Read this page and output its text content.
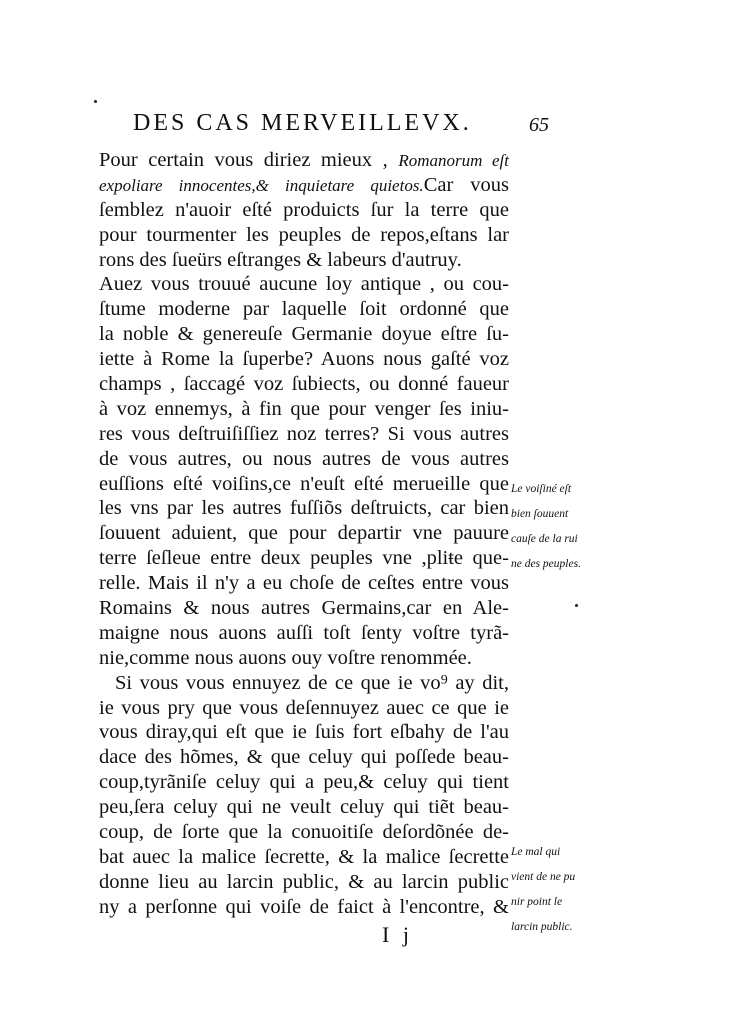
DES CAS MERVEILLEVX.	65
Pour certain vous diriez mieux , Romanorum eſt
expoliare innocentes,& inquietare quietos.Car vous
ſemblez n'auoir eſté produicts ſur la terre que
pour tourmenter les peuples de repos,eſtans lar
rons des ſueürs eſtranges & labeurs d'autruy.
Auez vous trouué aucune loy antique , ou cou-
ſtume moderne par laquelle ſoit ordonné que
la noble & genereuſe Germanie doyue eſtre ſu-
iette à Rome la ſuperbe? Auons nous gaſté voz
champs , ſaccagé voz ſubiects, ou donné faueur
à voz ennemys, à fin que pour venger ſes iniu-
res vous deſtruiſiſſiez noz terres? Si vous autres
de vous autres, ou nous autres de vous autres
euſſions eſté voiſins,ce n'euſt eſté merueille que
les vns par les autres fuſſiõs deſtruicts, car bien
ſouuent aduient, que pour departir vne pauure
terre ſeſleue entre deux peuples vne ,pliŧe que-
relle. Mais il n'y a eu choſe de ceſtes entre vous
Romains & nous autres Germains,car en Ale-
maigne nous auons auſſi toſt ſenty voſtre tyrã-
nie,comme nous auons ouy voſtre renommée.
Si vous vous ennuyez de ce que ie vo⁹ ay dit,
ie vous pry que vous deſennuyez auec ce que ie
vous diray,qui eſt que ie ſuis fort eſbahy de l'au
dace des hõmes, & que celuy qui poſſede beau-
coup,tyrãniſe celuy qui a peu,& celuy qui tient
peu,ſera celuy qui ne veult celuy qui tiẽt beau-
coup, de ſorte que la conuoitiſe deſordõnée de-
bat auec la malice ſecrette, & la malice ſecrette
donne lieu au larcin public, & au larcin public
ny a perſonne qui voiſe de faict à l'encontre, &
Le voiſiné eſt
bien ſouuent
cauſe de la rui
ne des peuples.
Le mal qui
vient de ne pu
nir point le
larcin public.
I j
